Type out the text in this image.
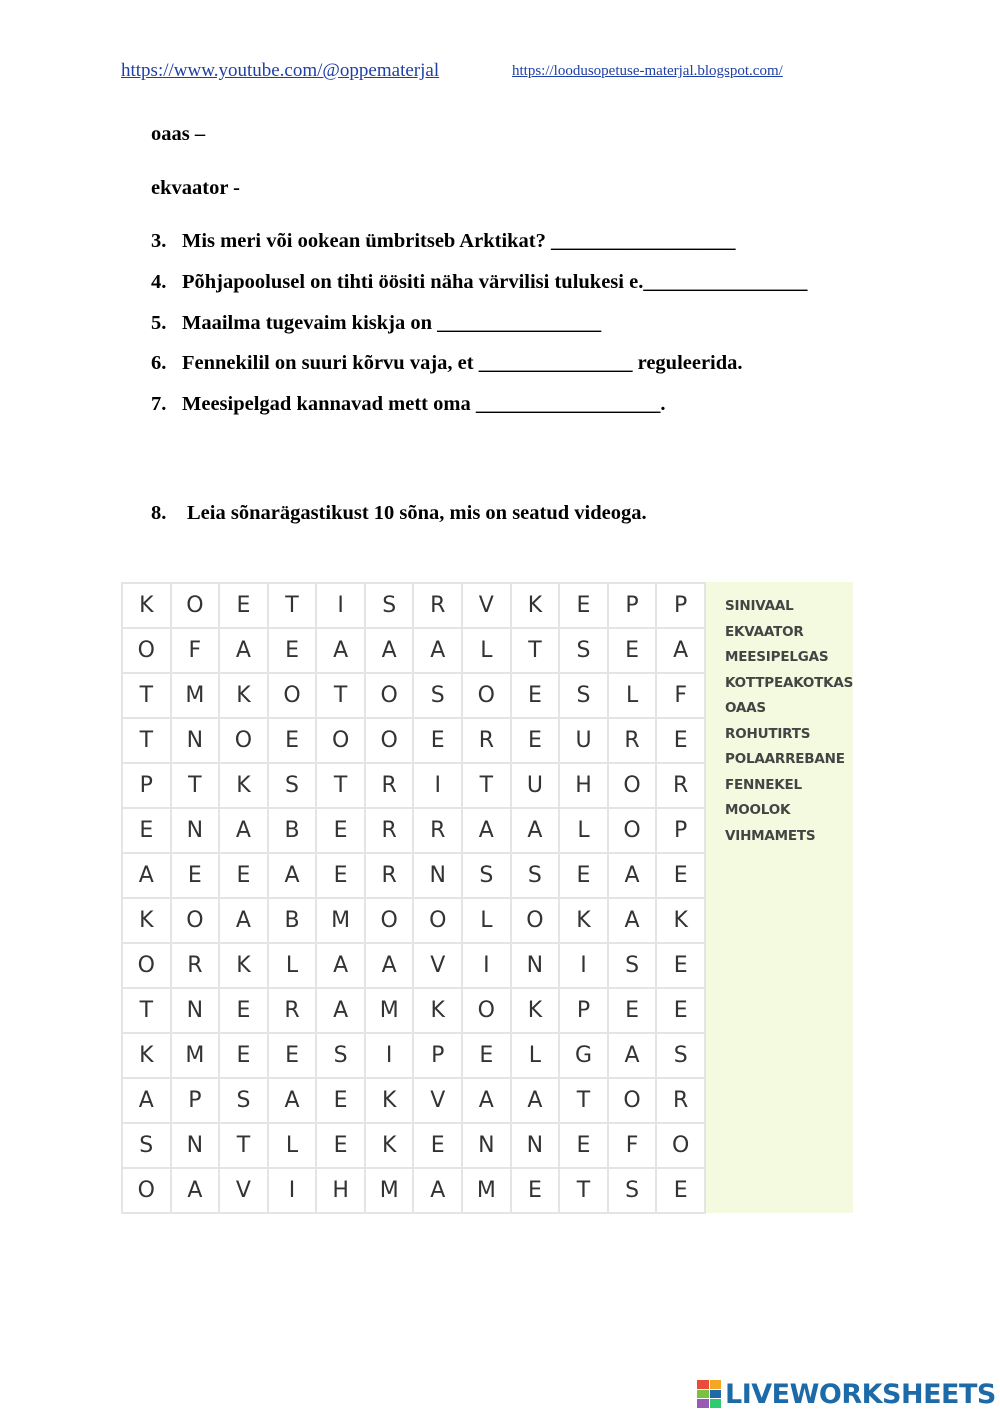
https://www.youtube.com/@oppematerjal	https://loodusopetuse-materjal.blogspot.com/
oaas –
ekvaator -
3. Mis meri või ookean ümbritseb Arktikat? __________________
4. Põhjapoolusel on tihti öösiti näha värvilisi tulukesi e.________________
5. Maailma tugevaim kiskja on ________________
6. Fennekilil on suuri kõrvu vaja, et _______________ reguleerida.
7. Meesipelgad kannavad mett oma __________________.
8. Leia sõnarägastikust 10 sõna, mis on seatud videoga.
K	O	E	T	I	S	R	V	K	E	P	P
O	F	A	E	A	A	A	L	T	S	E	A
T	M	K	O	T	O	S	O	E	S	L	F
T	N	O	E	O	O	E	R	E	U	R	E
P	T	K	S	T	R	I	T	U	H	O	R
E	N	A	B	E	R	R	A	A	L	O	P
A	E	E	A	E	R	N	S	S	E	A	E
K	O	A	B	M	O	O	L	O	K	A	K
O	R	K	L	A	A	V	I	N	I	S	E
T	N	E	R	A	M	K	O	K	P	E	E
K	M	E	E	S	I	P	E	L	G	A	S
A	P	S	A	E	K	V	A	A	T	O	R
S	N	T	L	E	K	E	N	N	E	F	O
O	A	V	I	H	M	A	M	E	T	S	E
SINIVAAL
EKVAATOR
MEESIPELGAS
KOTTPEAKOTKAS
OAAS
ROHUTIRTS
POLAARREBANE
FENNEKEL
MOOLOK
VIHMAMETS
LIVEWORKSHEETS
